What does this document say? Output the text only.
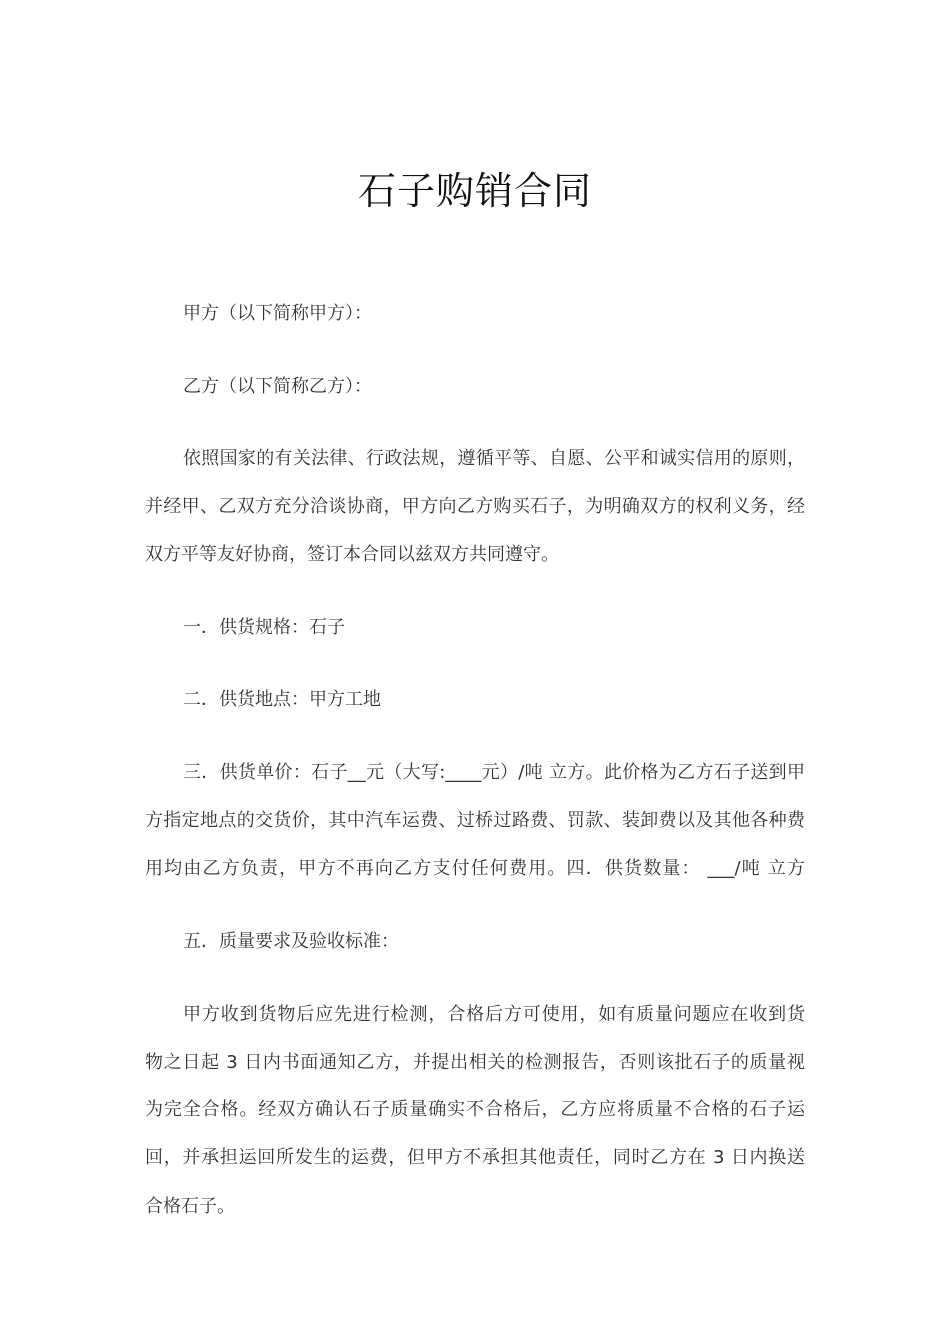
石子购销合同
甲方（以下简称甲方）：
乙方（以下简称乙方）：
依照国家的有关法律、行政法规，遵循平等、自愿、公平和诚实信用的原则，
并经甲、乙双方充分洽谈协商，甲方向乙方购买石子，为明确双方的权利义务，经
双方平等友好协商，签订本合同以兹双方共同遵守。
一．供货规格：石子
二．供货地点：甲方工地
三．供货单价：石子__元（大写:____元）/吨 立方。此价格为乙方石子送到甲
方指定地点的交货价，其中汽车运费、过桥过路费、罚款、装卸费以及其他各种费
用均由乙方负责，甲方不再向乙方支付任何费用。四．供货数量： ___/吨 立方
五．质量要求及验收标准：
甲方收到货物后应先进行检测，合格后方可使用，如有质量问题应在收到货
物之日起 3 日内书面通知乙方，并提出相关的检测报告，否则该批石子的质量视
为完全合格。经双方确认石子质量确实不合格后，乙方应将质量不合格的石子运
回，并承担运回所发生的运费，但甲方不承担其他责任，同时乙方在 3 日内换送
合格石子。
